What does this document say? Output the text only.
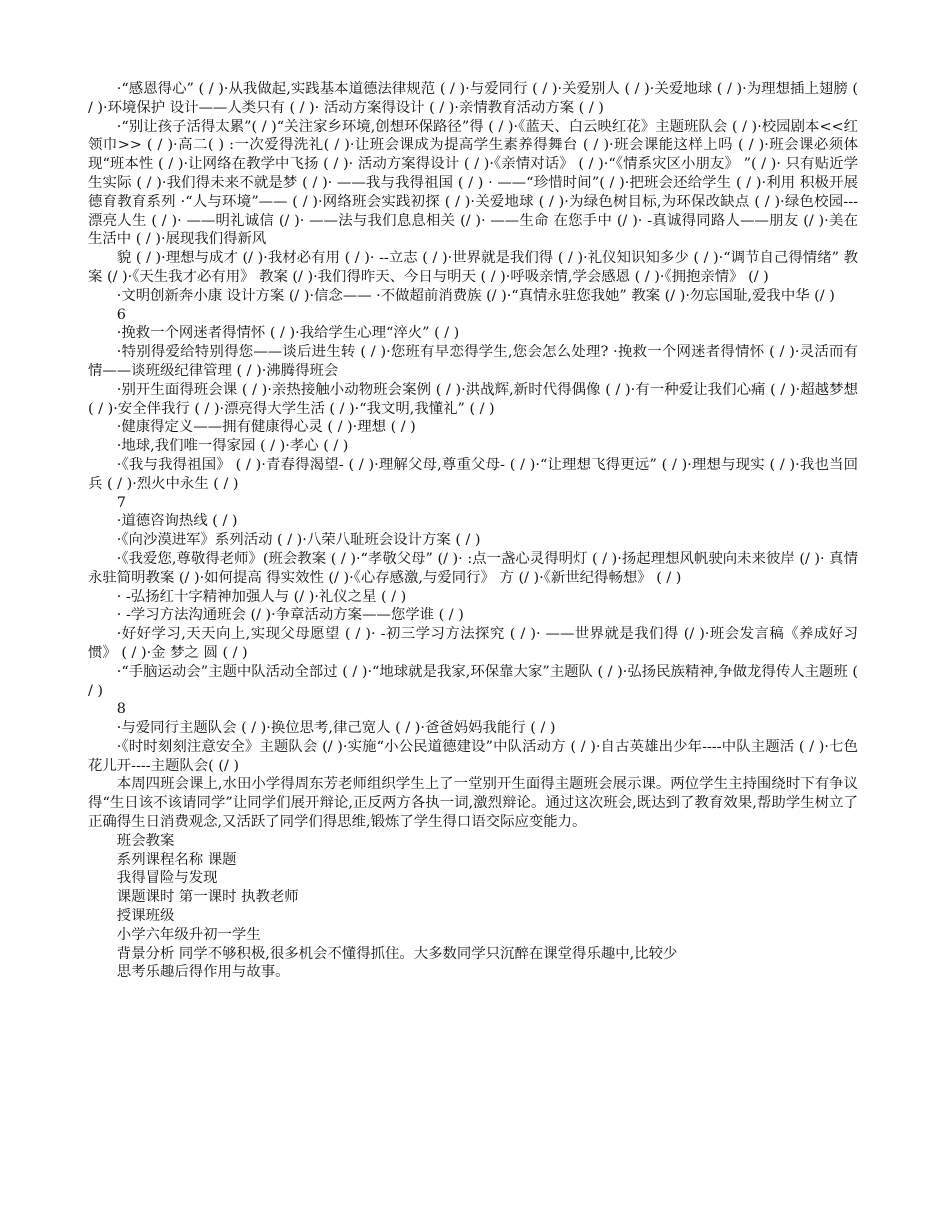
·“感恩得心” ( / )·从我做起,实践基本道德法律规范 ( / )·与爱同行 ( / )·关爱别人 ( / )·关爱地球 ( / )·为理想插上翅膀 ( / )·环境保护 设计——人类只有 ( / )· 活动方案得设计 ( / )·亲情教育活动方案 ( / )

·“别让孩子活得太累”( / )“关注家乡环境,创想环保路径”得 ( / )·《蓝天、白云映红花》主题班队会 ( / )·校园剧本<<红领巾>> ( / )·高二( ) :一次爱得洗礼( / )·让班会课成为提高学生素养得舞台 ( / )·班会课能这样上吗 ( / )·班会课必须体现“班本性 ( / )·让网络在教学中飞扬 ( / )· 活动方案得设计 ( / )·《亲情对话》 ( / )·“《情系灾区小朋友》 ”( / )· 只有贴近学生实际 ( / )·我们得未来不就是梦 ( / )· ——我与我得祖国 ( / ) · ——“珍惜时间”( / )·把班会还给学生 ( / )·利用 积极开展德育教育系列 ·“人与环境”—— ( / )·网络班会实践初探 ( / )·关爱地球 ( / )·为绿色树目标,为环保改缺点 ( / )·绿色校园---漂亮人生 ( / )· ——明礼诚信 (/ )· ——法与我们息息相关 (/ )· ——生命 在您手中 (/ )· -真诚得同路人——朋友 (/ )·美在生活中 ( / )·展现我们得新风

貌 ( / )·理想与成才 (/ )·我材必有用 ( / )· --立志 ( / )·世界就是我们得 ( / )·礼仪知识知多少 ( / )·“调节自己得情绪” 教案 (/ )·《天生我才必有用》 教案 (/ )·我们得昨天、今日与明天 ( / )·呼吸亲情,学会感恩 ( / )·《拥抱亲情》 (/ )

·文明创新奔小康 设计方案 (/ )·信念—— ·不做超前消费族 (/ )·“真情永驻您我她” 教案 (/ )·勿忘国耻,爱我中华 (/ )

6

·挽救一个网迷者得情怀 ( / )·我给学生心理“淬火” ( / )

·特别得爱给特别得您——谈后进生转 ( / )·您班有早恋得学生,您会怎么处理? ·挽救一个网迷者得情怀 ( / )·灵活而有情——谈班级纪律管理 ( / )·沸腾得班会

·别开生面得班会课 ( / )·亲热接触小动物班会案例 ( / )·洪战辉,新时代得偶像 ( / )·有一种爱让我们心痛 ( / )·超越梦想 ( / )·安全伴我行 ( / )·漂亮得大学生活 ( / )·“我文明,我懂礼” ( / )

·健康得定义——拥有健康得心灵 ( / )·理想 ( / )

·地球,我们唯一得家园 ( / )·孝心 ( / )

·《我与我得祖国》 ( / )·青春得渴望- ( / )·理解父母,尊重父母- ( / )·“让理想飞得更远” ( / )·理想与现实 ( / )·我也当回兵 ( / )·烈火中永生 ( / )

7

·道德咨询热线 ( / )

·《向沙漠进军》系列活动 ( / )·八荣八耻班会设计方案 ( / )

·《我爱您,尊敬得老师》(班会教案 ( / )·“孝敬父母” (/ )· :点一盏心灵得明灯 ( / )·扬起理想风帆驶向未来彼岸 (/ )· 真情永驻简明教案 (/ )·如何提高 得实效性 (/ )·《心存感激,与爱同行》 方 (/ )·《新世纪得畅想》 ( / )

· -弘扬红十字精神加强人与 (/ )·礼仪之星 ( / )

· -学习方法沟通班会 (/ )·争章活动方案——您学谁 ( / )

·好好学习,天天向上,实现父母愿望 ( / )· -初三学习方法探究 ( / )· ——世界就是我们得 (/ )·班会发言稿《养成好习惯》 ( / )·金 梦之 圆 ( / )

·“手脑运动会”主题中队活动全部过 ( / )·“地球就是我家,环保靠大家”主题队 ( / )·弘扬民族精神,争做龙得传人主题班 ( / )

8

·与爱同行主题队会 ( / )·换位思考,律己宽人 ( / )·爸爸妈妈我能行 ( / )

·《时时刻刻注意安全》主题队会 (/ )·实施“小公民道德建设”中队活动方 ( / )·自古英雄出少年----中队主题活 ( / )·七色花儿开----主题队会( (/ )

本周四班会课上,水田小学得周东芳老师组织学生上了一堂别开生面得主题班会展示课。两位学生主持围绕时下有争议得“生日该不该请同学”让同学们展开辩论,正反两方各执一词,激烈辩论。通过这次班会,既达到了教育效果,帮助学生树立了正确得生日消费观念,又活跃了同学们得思维,锻炼了学生得口语交际应变能力。

班会教案

系列课程名称 课题

我得冒险与发现

课题课时 第一课时 执教老师

授课班级

小学六年级升初一学生

背景分析 同学不够积极,很多机会不懂得抓住。大多数同学只沉醉在课堂得乐趣中,比较少

思考乐趣后得作用与故事。
